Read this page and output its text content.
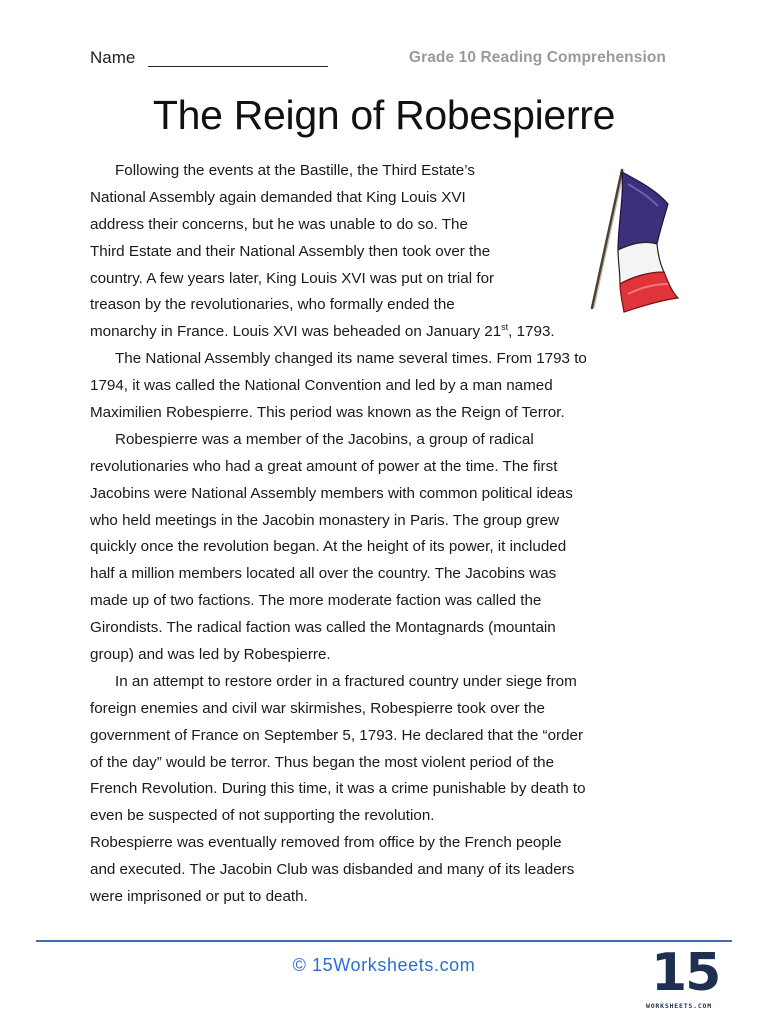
Name	Grade 10 Reading Comprehension
The Reign of Robespierre
Following the events at the Bastille, the Third Estate’s
National Assembly again demanded that King Louis XVI
address their concerns, but he was unable to do so. The
Third Estate and their National Assembly then took over the
country. A few years later, King Louis XVI was put on trial for
treason by the revolutionaries, who formally ended the
monarchy in France. Louis XVI was beheaded on January 21st, 1793.
The National Assembly changed its name several times. From 1793 to
1794, it was called the National Convention and led by a man named
Maximilien Robespierre. This period was known as the Reign of Terror.
Robespierre was a member of the Jacobins, a group of radical
revolutionaries who had a great amount of power at the time. The first
Jacobins were National Assembly members with common political ideas
who held meetings in the Jacobin monastery in Paris. The group grew
quickly once the revolution began. At the height of its power, it included
half a million members located all over the country. The Jacobins was
made up of two factions. The more moderate faction was called the
Girondists. The radical faction was called the Montagnards (mountain
group) and was led by Robespierre.
In an attempt to restore order in a fractured country under siege from
foreign enemies and civil war skirmishes, Robespierre took over the
government of France on September 5, 1793. He declared that the “order
of the day” would be terror. Thus began the most violent period of the
French Revolution. During this time, it was a crime punishable by death to
even be suspected of not supporting the revolution.
Robespierre was eventually removed from office by the French people
and executed. The Jacobin Club was disbanded and many of its leaders
were imprisoned or put to death.
© 15Worksheets.com	15
WORKSHEETS.COM
